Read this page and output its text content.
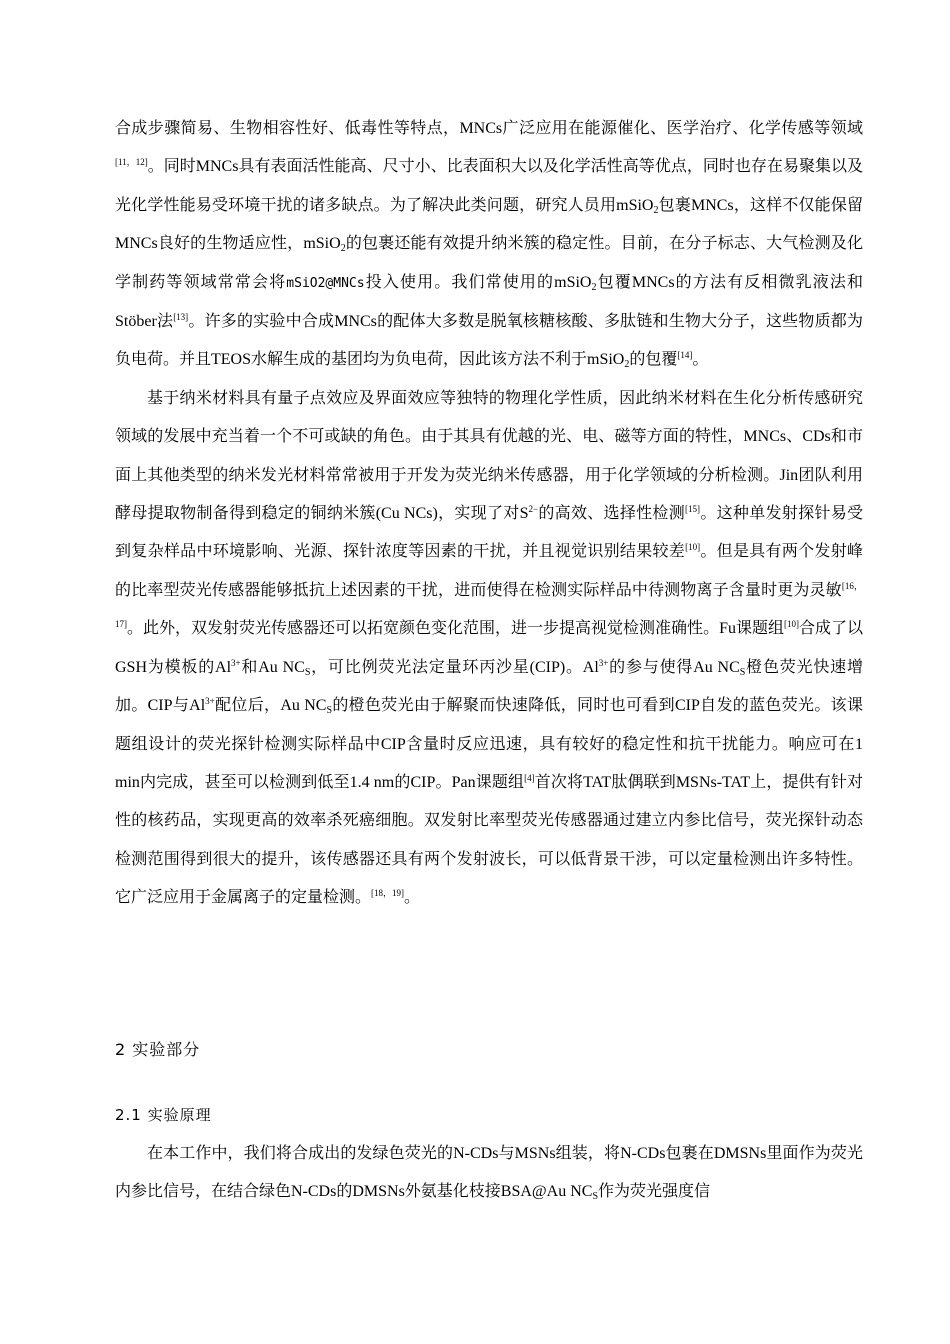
合成步骤简易、生物相容性好、低毒性等特点，MNCs广泛应用在能源催化、医学治疗、化学传感等领域[11，12]。同时MNCs具有表面活性能高、尺寸小、比表面积大以及化学活性高等优点，同时也存在易聚集以及光化学性能易受环境干扰的诸多缺点。为了解决此类问题，研究人员用mSiO$_2$包裹MNCs，这样不仅能保留MNCs良好的生物适应性，mSiO$_2$的包裹还能有效提升纳米簇的稳定性。目前，在分子标志、大气检测及化学制药等领域常常会将mSiO2@MNCs投入使用。我们常使用的mSiO$_2$包覆MNCs的方法有反相微乳液法和Stöber法[13]。许多的实验中合成MNCs的配体大多数是脱氧核糖核酸、多肽链和生物大分子，这些物质都为负电荷。并且TEOS水解生成的基团均为负电荷，因此该方法不利于mSiO$_2$的包覆[14]。

基于纳米材料具有量子点效应及界面效应等独特的物理化学性质，因此纳米材料在生化分析传感研究领域的发展中充当着一个不可或缺的角色。由于其具有优越的光、电、磁等方面的特性，MNCs、CDs和市面上其他类型的纳米发光材料常常被用于开发为荧光纳米传感器，用于化学领域的分析检测。Jin团队利用酵母提取物制备得到稳定的铜纳米簇(Cu NCs)，实现了对$S^{2-}$的高效、选择性检测[15]。这种单发射探针易受到复杂样品中环境影响、光源、探针浓度等因素的干扰，并且视觉识别结果较差[10]。但是具有两个发射峰的比率型荧光传感器能够抵抗上述因素的干扰，进而使得在检测实际样品中待测物离子含量时更为灵敏[16，17]。此外，双发射荧光传感器还可以拓宽颜色变化范围，进一步提高视觉检测准确性。Fu课题组[10]合成了以GSH为模板的$Al^{3+}$和Au $NC_S$，可比例荧光法定量环丙沙星(CIP)。$Al^{3+}$的参与使得Au $NC_S$橙色荧光快速增加。CIP与$Al^{3+}$配位后，Au $NC_S$的橙色荧光由于解聚而快速降低，同时也可看到CIP自发的蓝色荧光。该课题组设计的荧光探针检测实际样品中CIP含量时反应迅速，具有较好的稳定性和抗干扰能力。响应可在1 min内完成，甚至可以检测到低至1.4 nm的CIP。Pan课题组[4]首次将TAT肽偶联到MSNs-TAT上，提供有针对性的核药品，实现更高的效率杀死癌细胞。双发射比率型荧光传感器通过建立内参比信号，荧光探针动态检测范围得到很大的提升，该传感器还具有两个发射波长，可以低背景干涉，可以定量检测出许多特性。它广泛应用于金属离子的定量检测。[18，19]。

2 实验部分
2.1 实验原理

在本工作中，我们将合成出的发绿色荧光的N-CDs与MSNs组装，将N-CDs包裹在DMSNs里面作为荧光内参比信号，在结合绿色N-CDs的DMSNs外氨基化枝接BSA@Au $NC_S$作为荧光强度信
